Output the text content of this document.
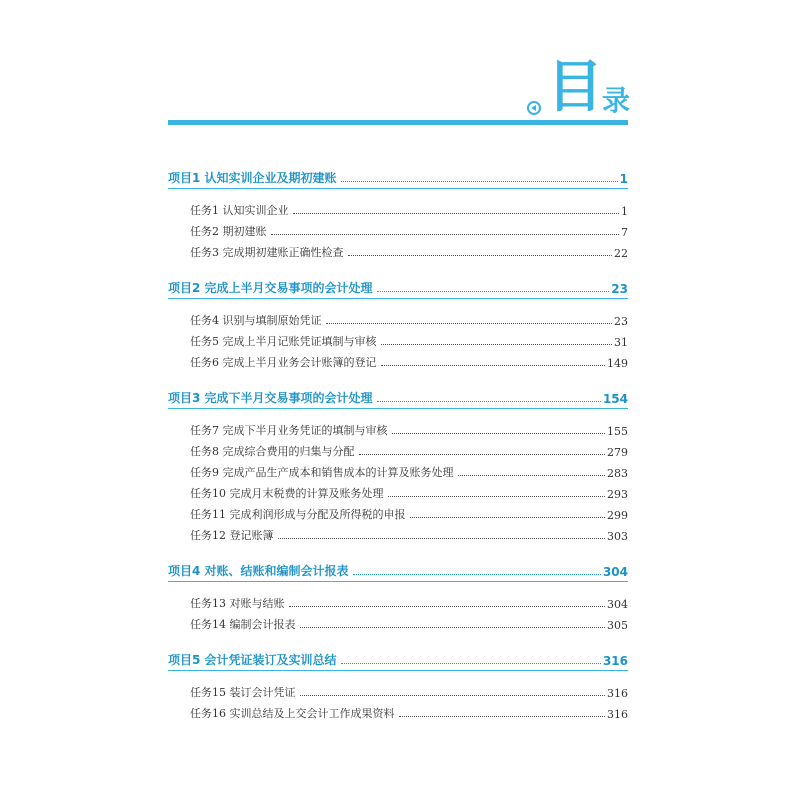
目 录
项目1 认知实训企业及期初建账	1
任务1 认知实训企业	1
任务2 期初建账	7
任务3 完成期初建账正确性检查	22
项目2 完成上半月交易事项的会计处理	23
任务4 识别与填制原始凭证	23
任务5 完成上半月记账凭证填制与审核	31
任务6 完成上半月业务会计账簿的登记	149
项目3 完成下半月交易事项的会计处理	154
任务7 完成下半月业务凭证的填制与审核	155
任务8 完成综合费用的归集与分配	279
任务9 完成产品生产成本和销售成本的计算及账务处理	283
任务10 完成月末税费的计算及账务处理	293
任务11 完成利润形成与分配及所得税的申报	299
任务12 登记账簿	303
项目4 对账、结账和编制会计报表	304
任务13 对账与结账	304
任务14 编制会计报表	305
项目5 会计凭证装订及实训总结	316
任务15 装订会计凭证	316
任务16 实训总结及上交会计工作成果资料	316
